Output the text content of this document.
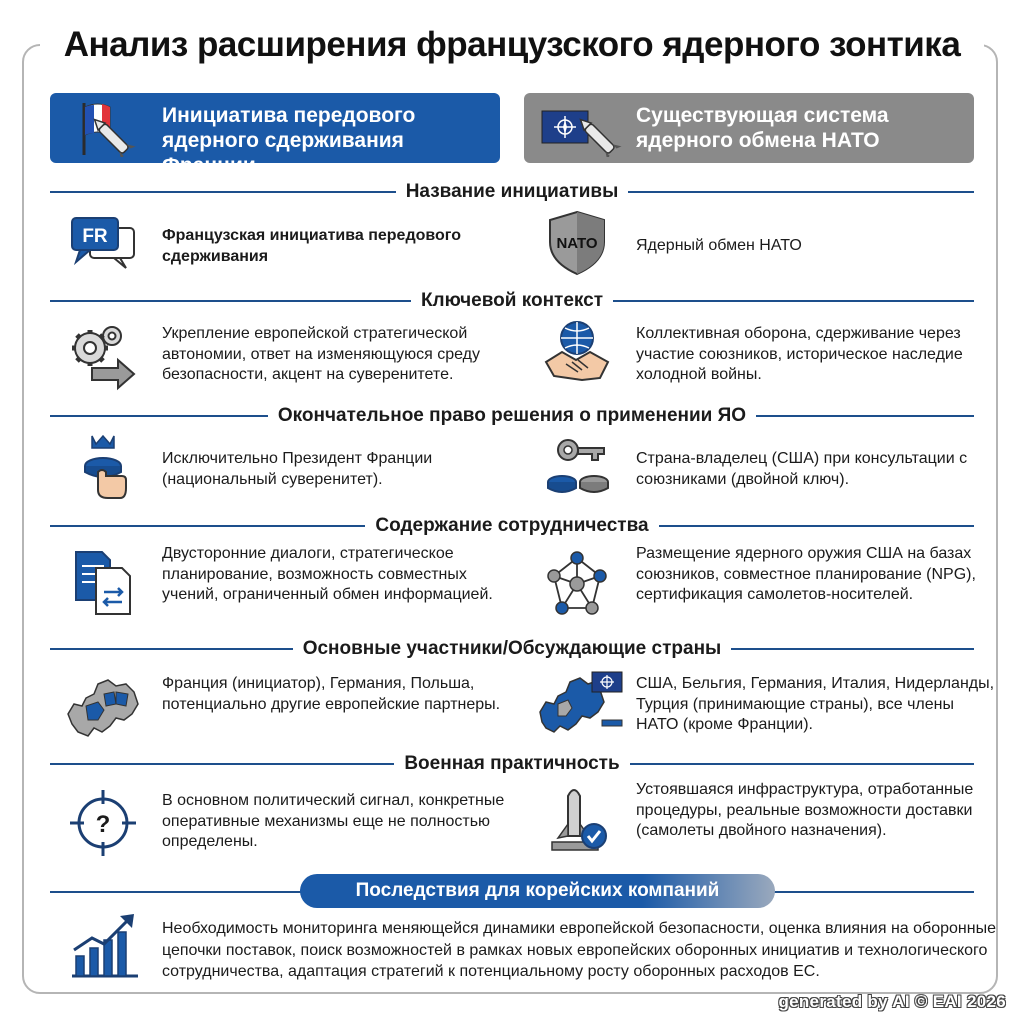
Анализ расширения французского ядерного зонтика
Инициатива передового ядерного сдерживания Франции
Существующая система ядерного обмена НАТО
Название инициативы
FR	Французская инициатива передового сдерживания
NATO Ядерный обмен НАТО
Ключевой контекст
Укрепление европейской стратегической автономии, ответ на изменяющуюся среду безопасности, акцент на суверенитете.
Коллективная оборона, сдерживание через участие союзников, историческое наследие холодной войны.
Окончательное право решения о применении ЯО
Исключительно Президент Франции (национальный суверенитет).
Страна-владелец (США) при консультации с союзниками (двойной ключ).
Содержание сотрудничества
Двусторонние диалоги, стратегическое планирование, возможность совместных учений, ограниченный обмен информацией.
Размещение ядерного оружия США на базах союзников, совместное планирование (NPG), сертификация самолетов-носителей.
Основные участники/Обсуждающие страны
Франция (инициатор), Германия, Польша, потенциально другие европейские партнеры.
США, Бельгия, Германия, Италия, Нидерланды, Турция (принимающие страны), все члены НАТО (кроме Франции).
Военная практичность
?
В основном политический сигнал, конкретные оперативные механизмы еще не полностью определены.
Устоявшаяся инфраструктура, отработанные процедуры, реальные возможности доставки (самолеты двойного назначения).
Последствия для корейских компаний
Необходимость мониторинга меняющейся динамики европейской безопасности, оценка влияния на оборонные цепочки поставок, поиск возможностей в рамках новых европейских оборонных инициатив и технологического сотрудничества, адаптация стратегий к потенциальному росту оборонных расходов ЕС.
generated by AI © EAI 2026
